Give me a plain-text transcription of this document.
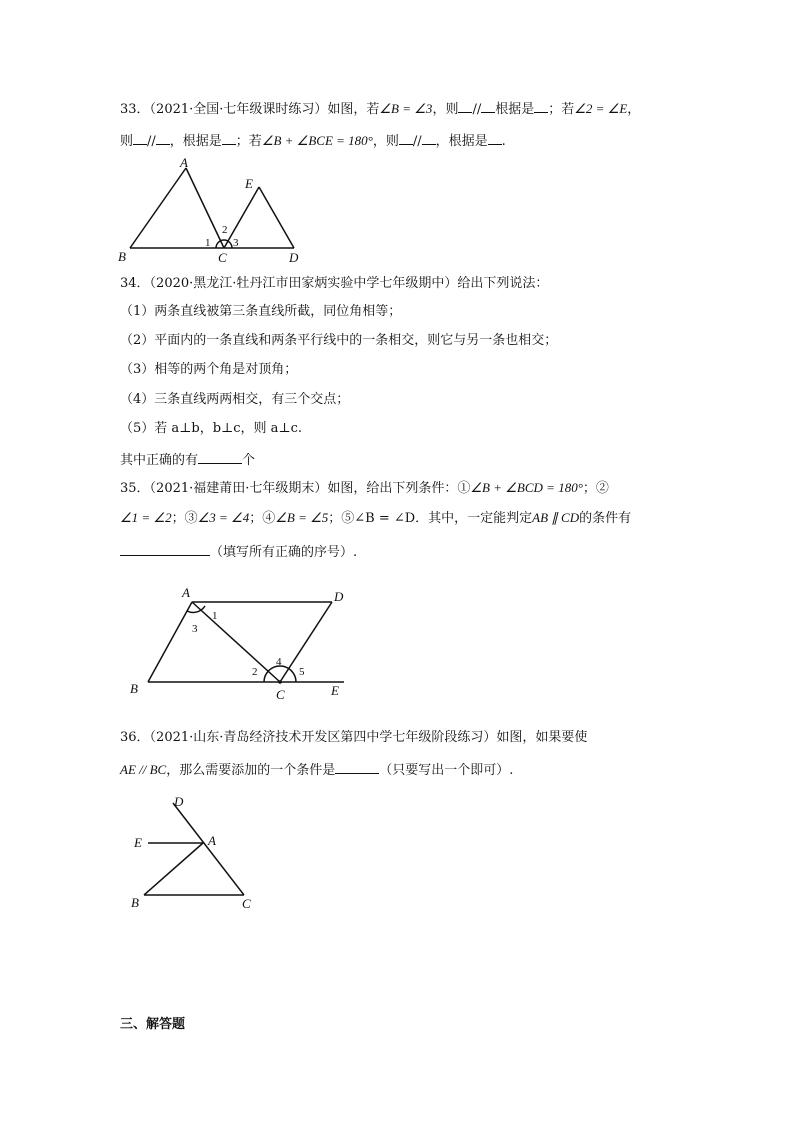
33．（2021·全国·七年级课时练习）如图，若∠B = ∠3，则 // 根据是 ；若∠2 = ∠E，
则 // ，根据是 ；若∠B + ∠BCE = 180°，则 // ，根据是 .
A
B	C	D
E
1
2
3
34．（2020·黑龙江·牡丹江市田家炳实验中学七年级期中）给出下列说法：
（1）两条直线被第三条直线所截，同位角相等；
（2）平面内的一条直线和两条平行线中的一条相交，则它与另一条也相交；
（3）相等的两个角是对顶角；
（4）三条直线两两相交，有三个交点；
（5）若 a⊥b，b⊥c，则 a⊥c.
其中正确的有	个
35．（2021·福建莆田·七年级期末）如图，给出下列条件：①∠B + ∠BCD = 180°；②
∠1 = ∠2；③∠3 = ∠4；④∠B = ∠5；⑤∠B = ∠D．其中，一定能判定AB ∥ CD的条件有
（填写所有正确的序号）.
A
B	C
D
E
1
2
3
4
5
36．（2021·山东·青岛经济技术开发区第四中学七年级阶段练习）如图，如果要使
AE // BC，那么需要添加的一个条件是	（只要写出一个即可）.
D
E	A
B	C
三、解答题
